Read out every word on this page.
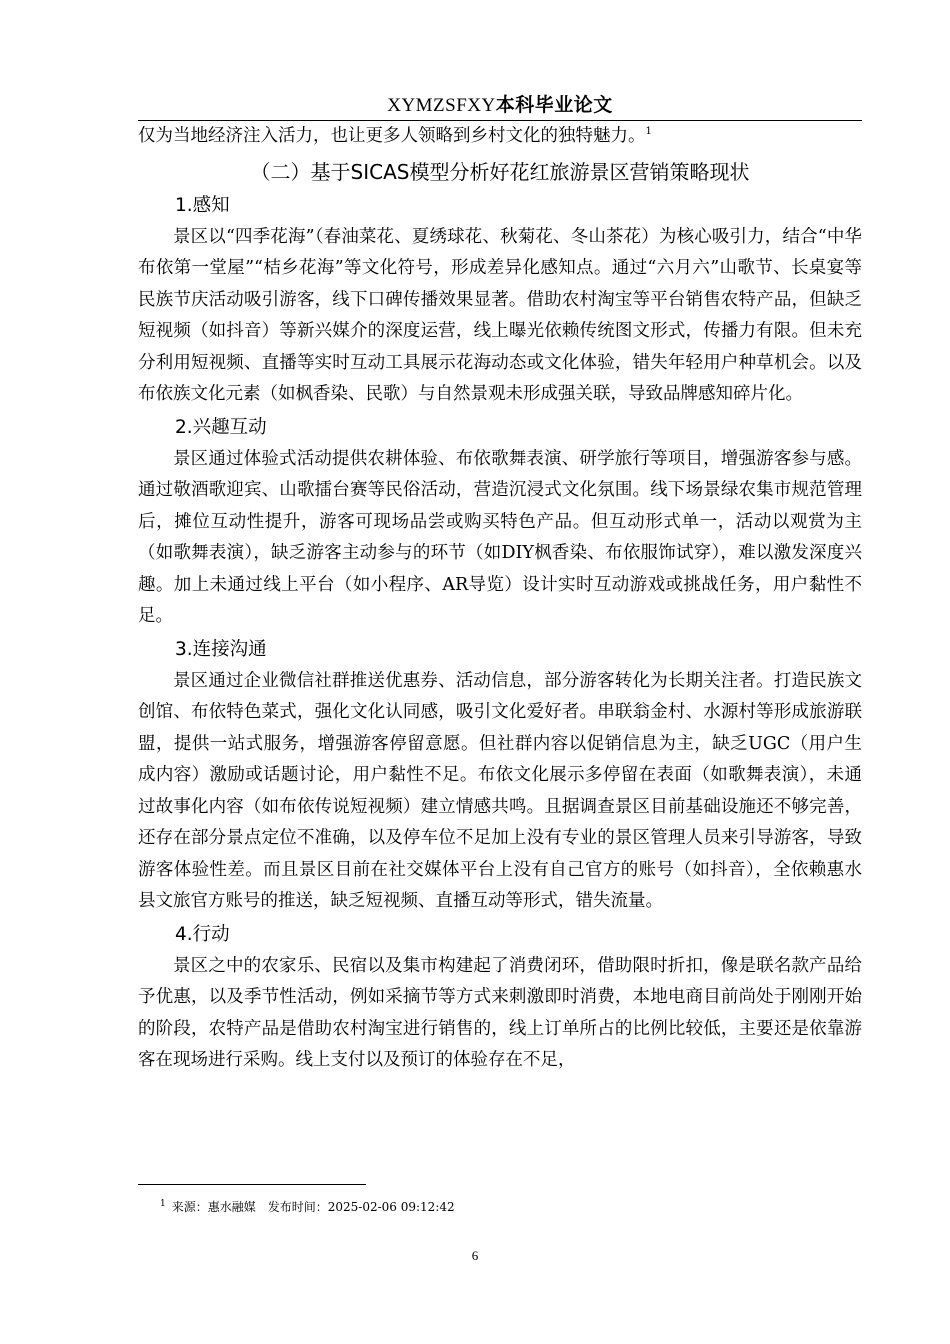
XYMZSFXY本科毕业论文

仅为当地经济注入活力，也让更多人领略到乡村文化的独特魅力。$^1$

（二）基于SICAS模型分析好花红旅游景区营销策略现状
1.感知

景区以“四季花海”（春油菜花、夏绣球花、秋菊花、冬山茶花）为核心吸引力，结合“中华布依第一堂屋”“桔乡花海”等文化符号，形成差异化感知点。通过“六月六”山歌节、长桌宴等民族节庆活动吸引游客，线下口碑传播效果显著。借助农村淘宝等平台销售农特产品，但缺乏短视频（如抖音）等新兴媒介的深度运营，线上曝光依赖传统图文形式，传播力有限。但未充分利用短视频、直播等实时互动工具展示花海动态或文化体验，错失年轻用户种草机会。以及布依族文化元素（如枫香染、民歌）与自然景观未形成强关联，导致品牌感知碎片化。

2.兴趣互动

景区通过体验式活动提供农耕体验、布依歌舞表演、研学旅行等项目，增强游客参与感。通过敬酒歌迎宾、山歌擂台赛等民俗活动，营造沉浸式文化氛围。线下场景绿农集市规范管理后，摊位互动性提升，游客可现场品尝或购买特色产品。但互动形式单一，活动以观赏为主（如歌舞表演），缺乏游客主动参与的环节（如DIY枫香染、布依服饰试穿），难以激发深度兴趣。加上未通过线上平台（如小程序、AR导览）设计实时互动游戏或挑战任务，用户黏性不足。

3.连接沟通

景区通过企业微信社群推送优惠券、活动信息，部分游客转化为长期关注者。打造民族文创馆、布依特色菜式，强化文化认同感，吸引文化爱好者。串联翁金村、水源村等形成旅游联盟，提供一站式服务，增强游客停留意愿。但社群内容以促销信息为主，缺乏UGC（用户生成内容）激励或话题讨论，用户黏性不足。布依文化展示多停留在表面（如歌舞表演），未通过故事化内容（如布依传说短视频）建立情感共鸣。且据调查景区目前基础设施还不够完善，还存在部分景点定位不准确，以及停车位不足加上没有专业的景区管理人员来引导游客，导致游客体验性差。而且景区目前在社交媒体平台上没有自己官方的账号（如抖音），全依赖惠水县文旅官方账号的推送，缺乏短视频、直播互动等形式，错失流量。

4.行动

景区之中的农家乐、民宿以及集市构建起了消费闭环，借助限时折扣，像是联名款产品给予优惠，以及季节性活动，例如采摘节等方式来刺激即时消费，本地电商目前尚处于刚刚开始的阶段，农特产品是借助农村淘宝进行销售的，线上订单所占的比例比较低，主要还是依靠游客在现场进行采购。线上支付以及预订的体验存在不足，

$^1$ 来源：惠水融媒　发布时间：2025-02-06 09:12:42
6
